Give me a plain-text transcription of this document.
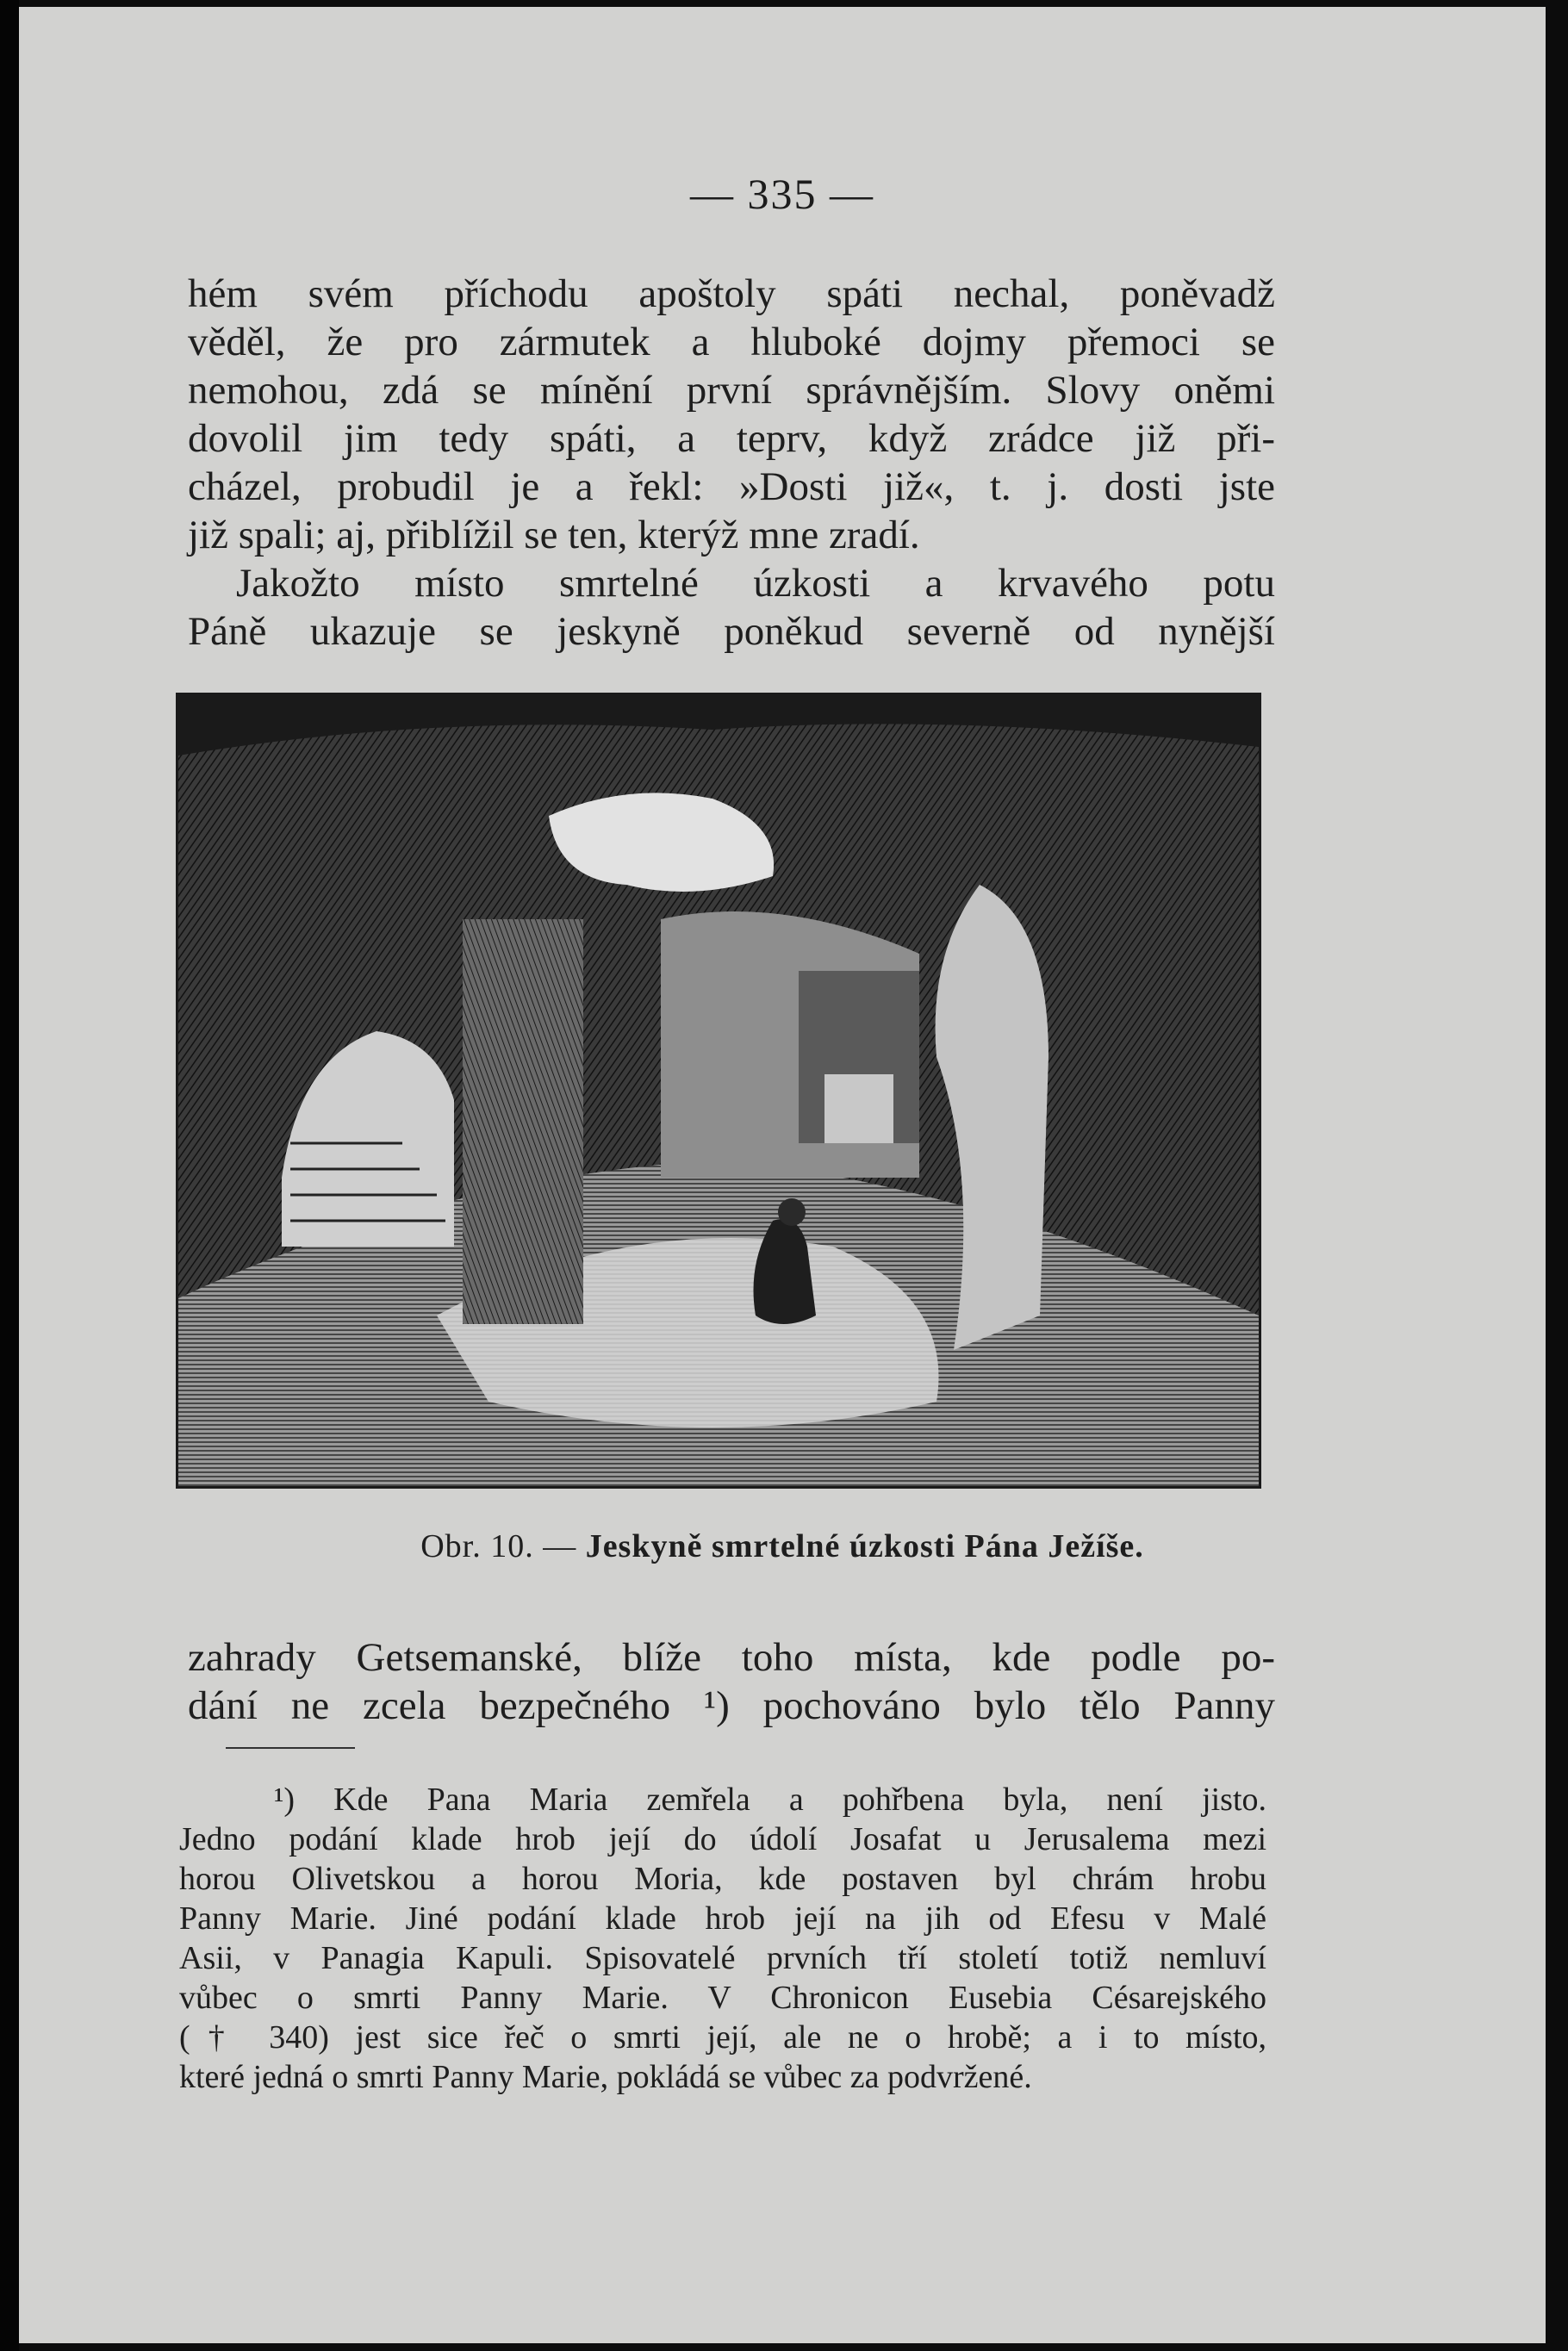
— 335 —
hém svém příchodu apoštoly spáti nechal, poněvadž
věděl, že pro zármutek a hluboké dojmy přemoci se
nemohou, zdá se mínění první správnějším. Slovy oněmi
dovolil jim tedy spáti, a teprv, když zrádce již při-
cházel, probudil je a řekl: »Dosti již«, t. j. dosti jste
již spali; aj, přiblížil se ten, kterýž mne zradí.
Jakožto místo smrtelné úzkosti a krvavého potu
Páně ukazuje se jeskyně poněkud severně od nynější
Obr. 10. — Jeskyně smrtelné úzkosti Pána Ježíše.
zahrady Getsemanské, blíže toho místa, kde podle po-
dání ne zcela bezpečného ¹) pochováno bylo tělo Panny
¹) Kde Pana Maria zemřela a pohřbena byla, není jisto.
Jedno podání klade hrob její do údolí Josafat u Jerusalema mezi
horou Olivetskou a horou Moria, kde postaven byl chrám hrobu
Panny Marie. Jiné podání klade hrob její na jih od Efesu v Malé
Asii, v Panagia Kapuli. Spisovatelé prvních tří století totiž nemluví
vůbec o smrti Panny Marie. V Chronicon Eusebia Césarejského
(† 340) jest sice řeč o smrti její, ale ne o hrobě; a i to místo,
které jedná o smrti Panny Marie, pokládá se vůbec za podvržené.
